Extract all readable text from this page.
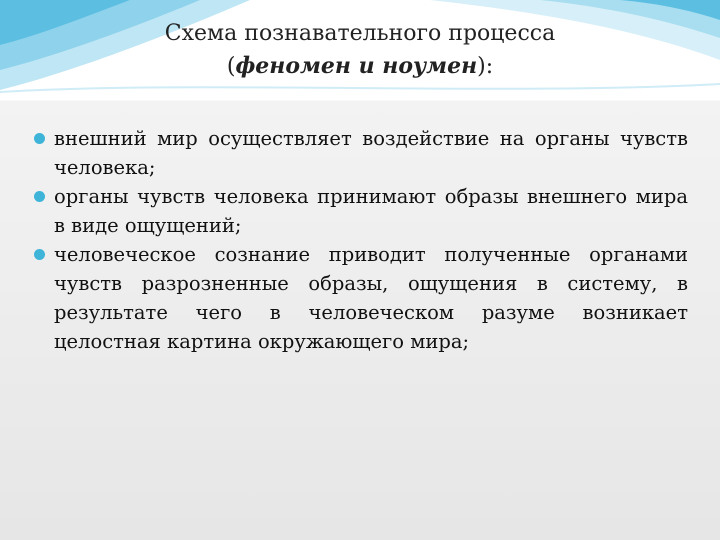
Схема познавательного процесса
(феномен и ноумен):
внешний мир осуществляет воздействие на органы чувств человека;
органы чувств человека принимают образы внешнего мира в виде ощущений;
человеческое сознание приводит полученные органами чувств разрозненные образы, ощущения в систему, в результате чего в человеческом разуме возникает целостная картина окружающего мира;
